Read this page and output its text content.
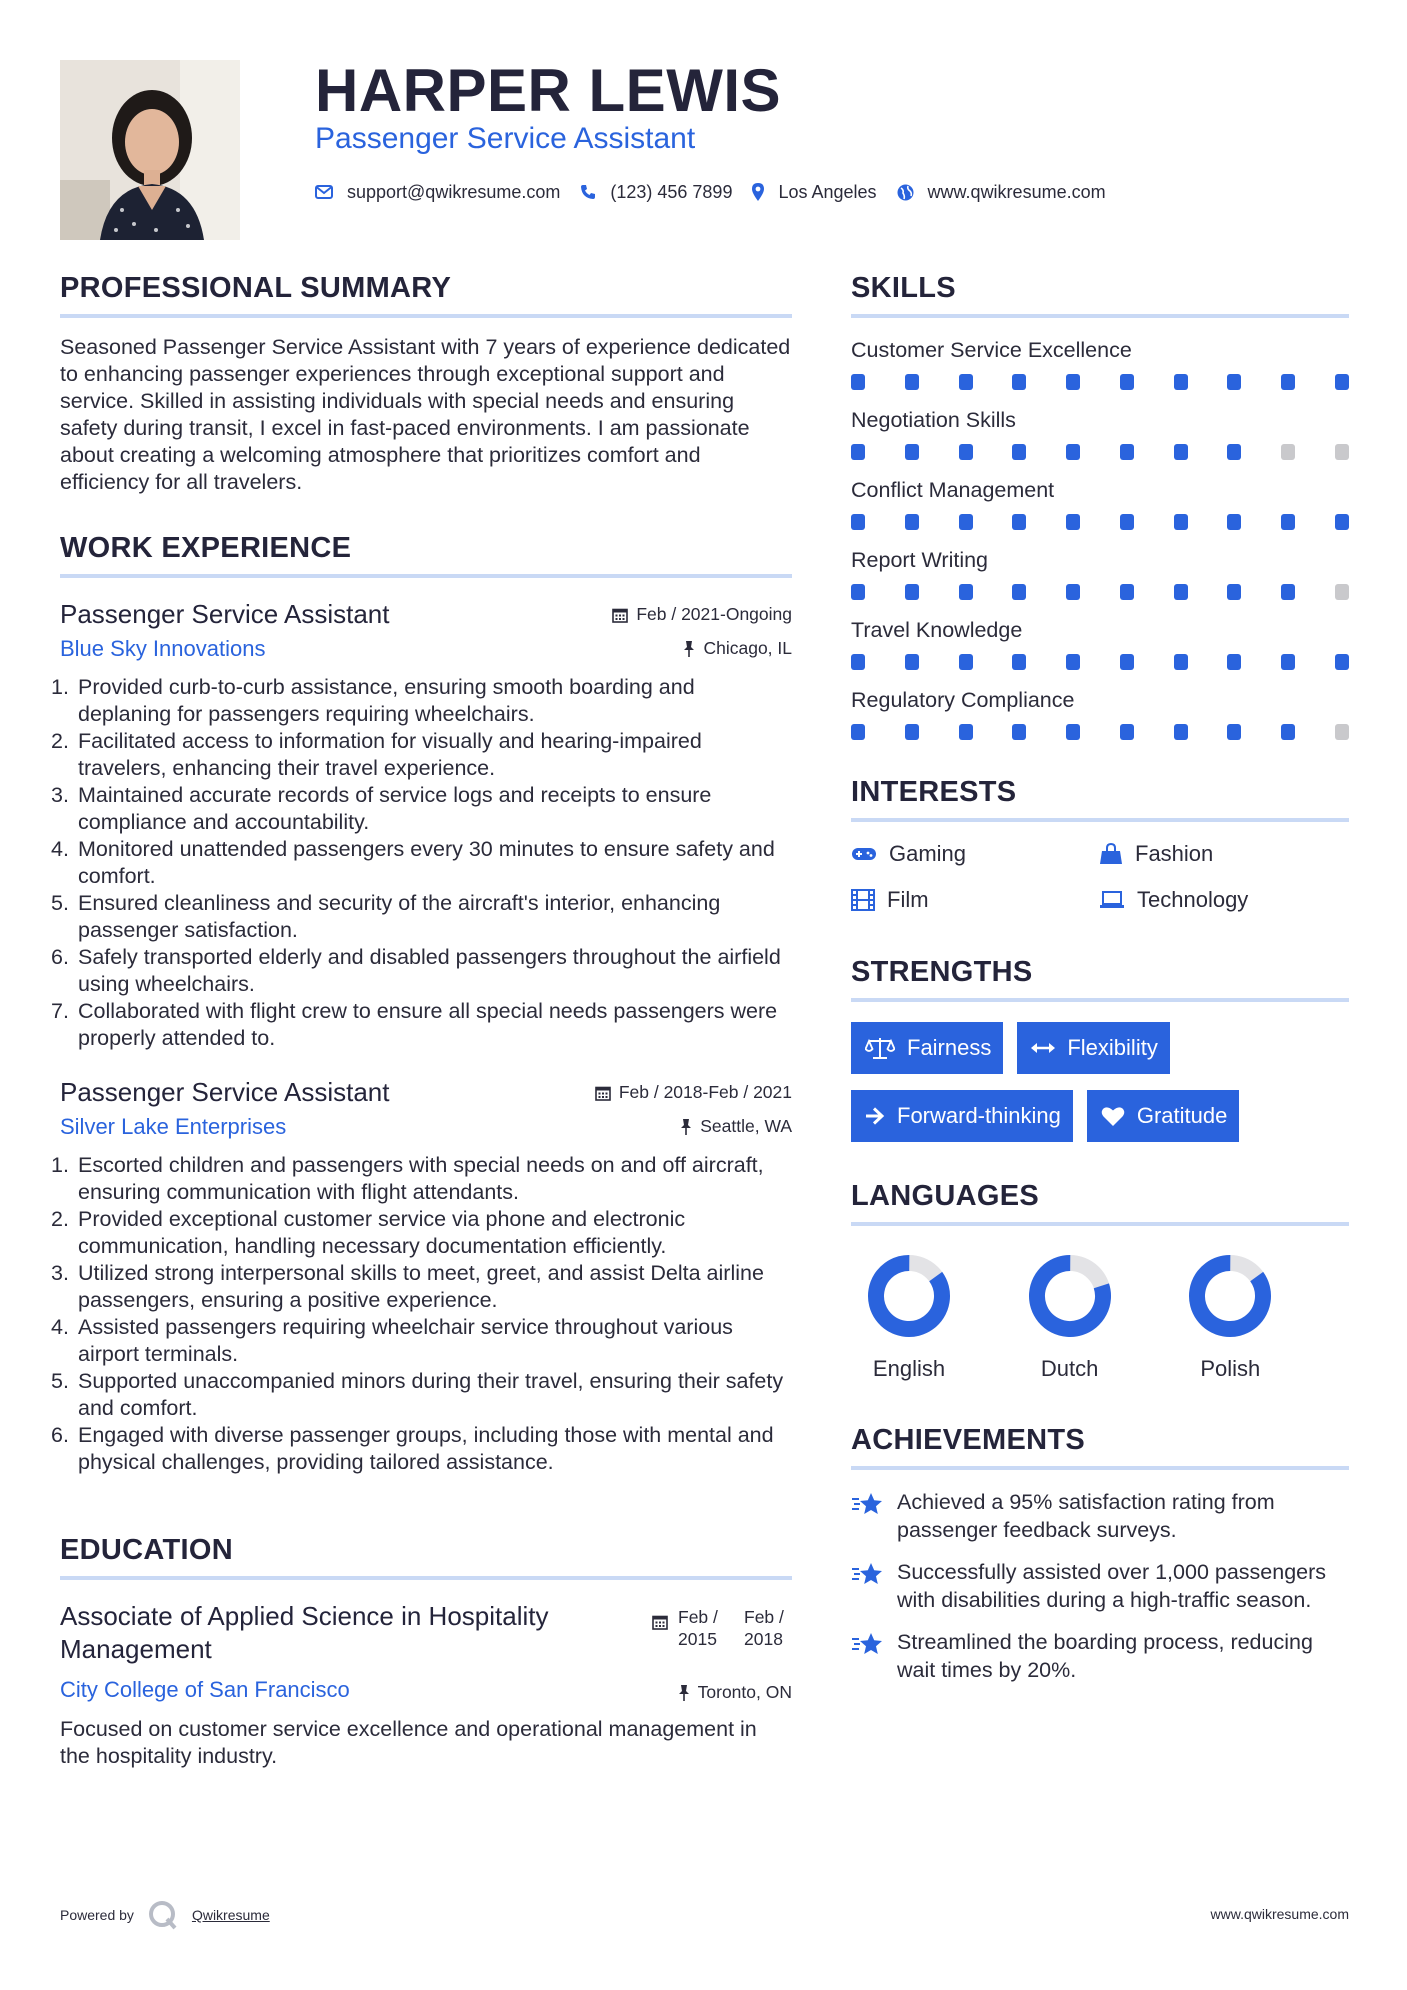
HARPER LEWIS
Passenger Service Assistant
support@qwikresume.com	(123) 456 7899	Los Angeles	www.qwikresume.com
PROFESSIONAL SUMMARY

Seasoned Passenger Service Assistant with 7 years of experience dedicated to enhancing passenger experiences through exceptional support and service. Skilled in assisting individuals with special needs and ensuring safety during transit, I excel in fast-paced environments. I am passionate about creating a welcoming atmosphere that prioritizes comfort and efficiency for all travelers.

WORK EXPERIENCE
Passenger Service Assistant
Blue Sky Innovations
Feb / 2021-Ongoing
Chicago, IL
Provided curb-to-curb assistance, ensuring smooth boarding and deplaning for passengers requiring wheelchairs.
Facilitated access to information for visually and hearing-impaired travelers, enhancing their travel experience.
Maintained accurate records of service logs and receipts to ensure compliance and accountability.
Monitored unattended passengers every 30 minutes to ensure safety and comfort.
Ensured cleanliness and security of the aircraft's interior, enhancing passenger satisfaction.
Safely transported elderly and disabled passengers throughout the airfield using wheelchairs.
Collaborated with flight crew to ensure all special needs passengers were properly attended to.
Passenger Service Assistant
Silver Lake Enterprises
Feb / 2018-Feb / 2021
Seattle, WA
Escorted children and passengers with special needs on and off aircraft, ensuring communication with flight attendants.
Provided exceptional customer service via phone and electronic communication, handling necessary documentation efficiently.
Utilized strong interpersonal skills to meet, greet, and assist Delta airline passengers, ensuring a positive experience.
Assisted passengers requiring wheelchair service throughout various airport terminals.
Supported unaccompanied minors during their travel, ensuring their safety and comfort.
Engaged with diverse passenger groups, including those with mental and physical challenges, providing tailored assistance.
EDUCATION
Associate of Applied Science in Hospitality Management
City College of San Francisco
Feb / 2015
Feb / 2018
Toronto, ON

Focused on customer service excellence and operational management in the hospitality industry.

SKILLS
Customer Service Excellence
Negotiation Skills
Conflict Management
Report Writing
Travel Knowledge
Regulatory Compliance
INTERESTS
Gaming	Fashion
Film	Technology
STRENGTHS
Fairness	Flexibility
Forward-thinking	Gratitude
LANGUAGES
English	Dutch	Polish
ACHIEVEMENTS
Achieved a 95% satisfaction rating from passenger feedback surveys.
Successfully assisted over 1,000 passengers with disabilities during a high-traffic season.
Streamlined the boarding process, reducing wait times by 20%.
Powered by	Qwikresume	www.qwikresume.com
